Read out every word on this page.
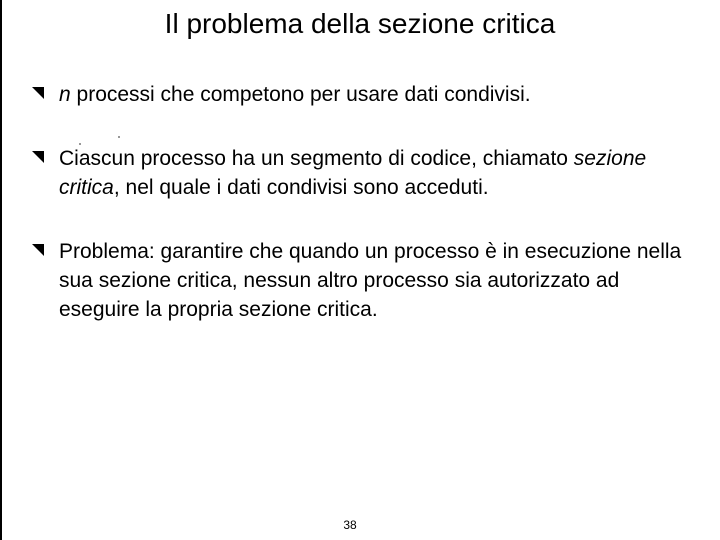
Il problema della sezione critica
n processi che competono per usare dati condivisi.
Ciascun processo ha un segmento di codice, chiamato sezione critica, nel quale i dati condivisi sono acceduti.
Problema: garantire che quando un processo è in esecuzione nella sua sezione critica, nessun altro processo sia autorizzato ad eseguire la propria sezione critica.
38
